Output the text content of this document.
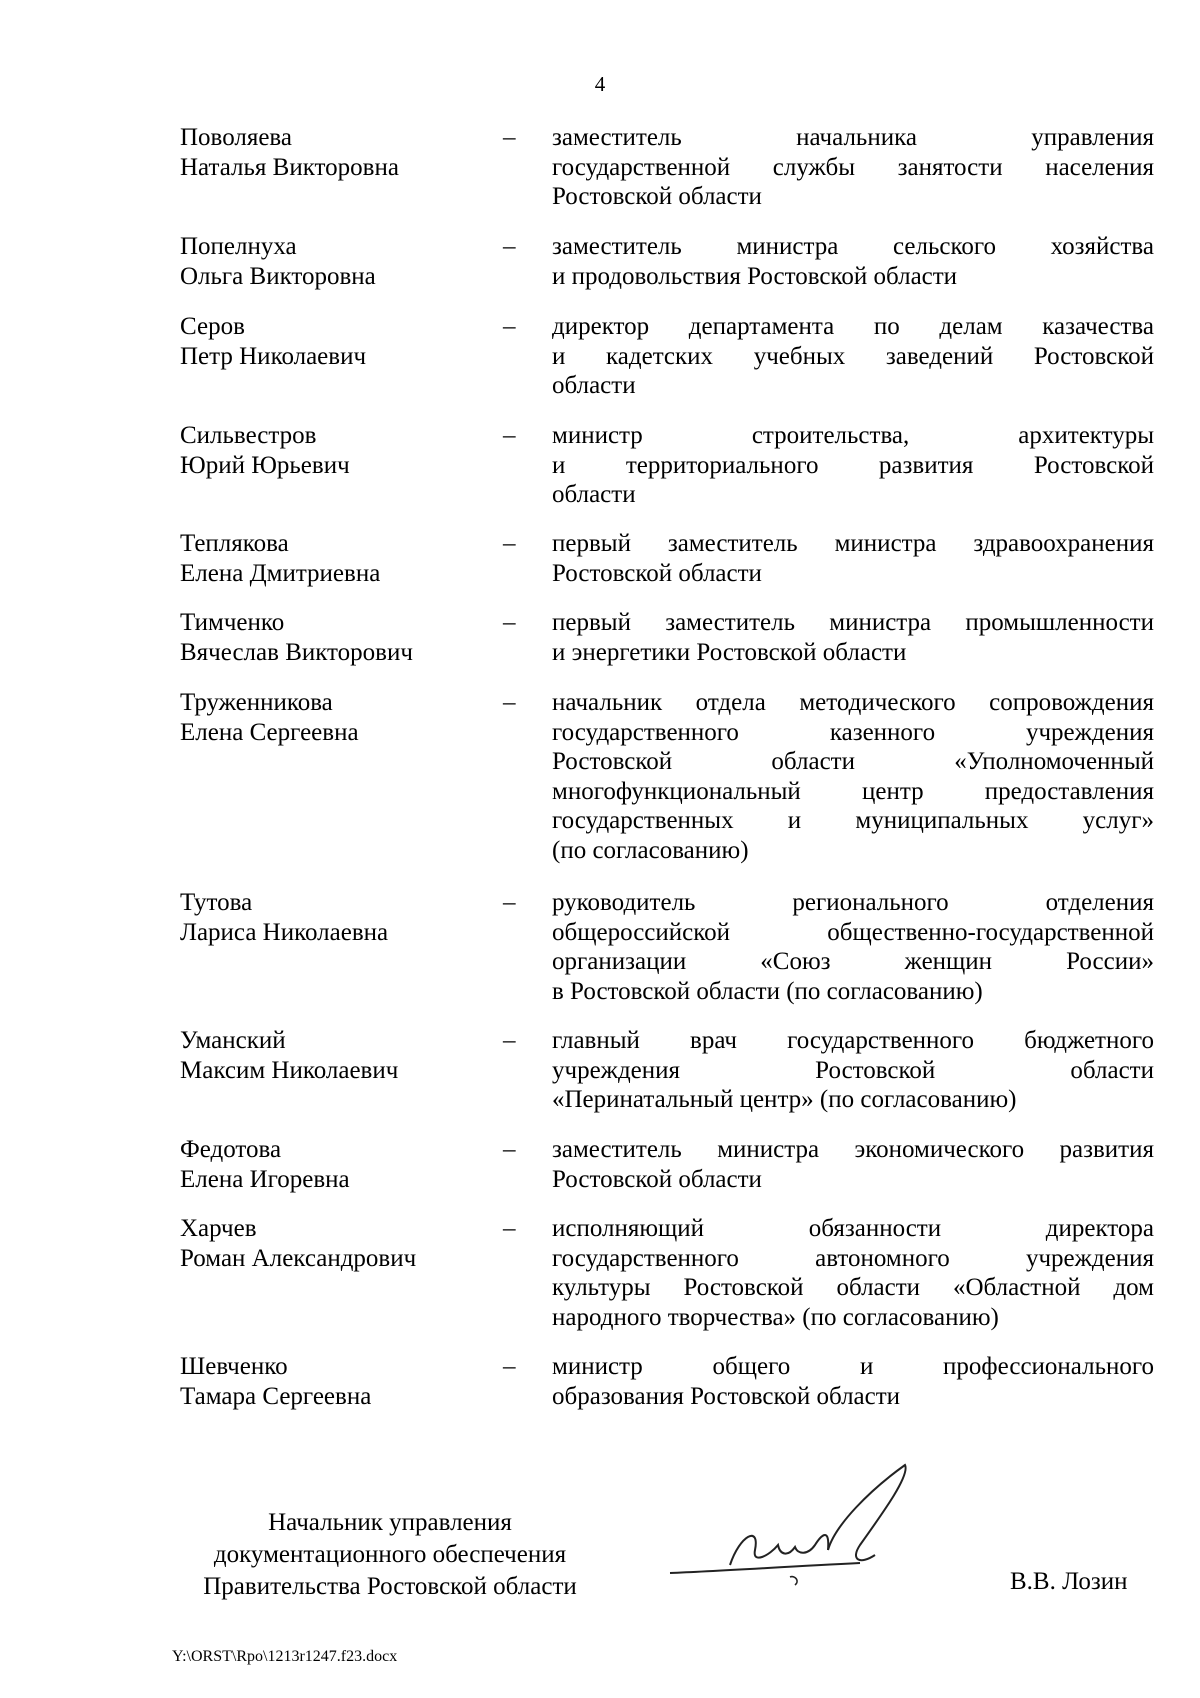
4
Поволяева
Наталья Викторовна
– заместитель начальника управления
государственной службы занятости населения
Ростовской области
Попелнуха
Ольга Викторовна
– заместитель министра сельского хозяйства
и продовольствия Ростовской области
Серов
Петр Николаевич
– директор департамента по делам казачества
и кадетских учебных заведений Ростовской
области
Сильвестров
Юрий Юрьевич
– министр строительства, архитектуры
и территориального развития Ростовской
области
Теплякова
Елена Дмитриевна
– первый заместитель министра здравоохранения
Ростовской области
Тимченко
Вячеслав Викторович
– первый заместитель министра промышленности
и энергетики Ростовской области
Труженникова
Елена Сергеевна
– начальник отдела методического сопровождения
государственного казенного учреждения
Ростовской области «Уполномоченный
многофункциональный центр предоставления
государственных и муниципальных услуг»
(по согласованию)
Тутова
Лариса Николаевна
– руководитель регионального отделения
общероссийской общественно-государственной
организации «Союз женщин России»
в Ростовской области (по согласованию)
Уманский
Максим Николаевич
– главный врач государственного бюджетного
учреждения Ростовской области
«Перинатальный центр» (по согласованию)
Федотова
Елена Игоревна
– заместитель министра экономического развития
Ростовской области
Харчев
Роман Александрович
– исполняющий обязанности директора
государственного автономного учреждения
культуры Ростовской области «Областной дом
народного творчества» (по согласованию)
Шевченко
Тамара Сергеевна
– министр общего и профессионального
образования Ростовской области
Начальник управления
документационного обеспечения
Правительства Ростовской области	В.В. Лозин
Y:\ORST\Rpo\1213r1247.f23.docx
